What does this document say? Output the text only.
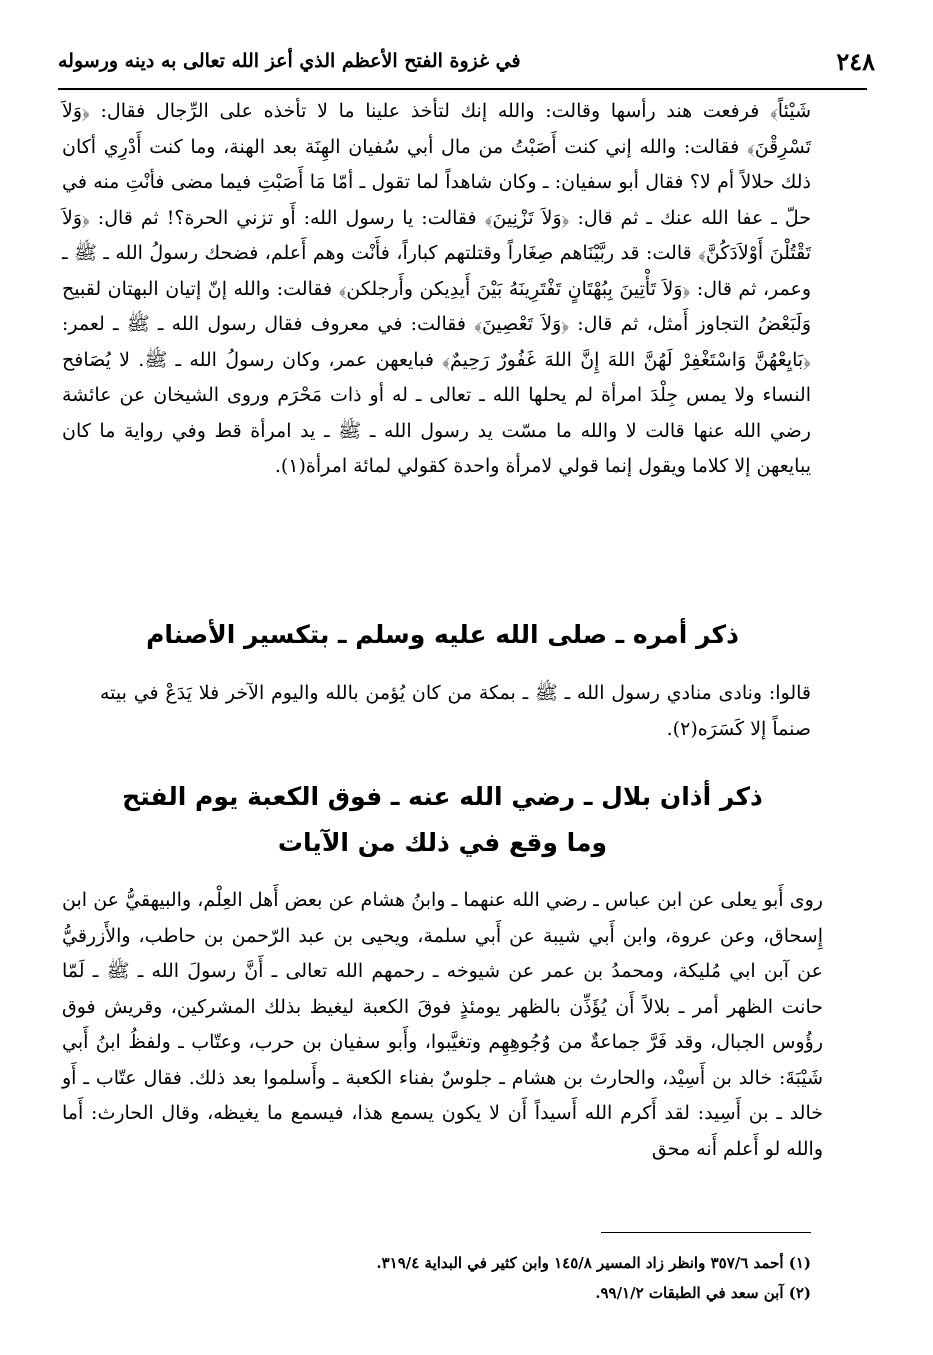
٢٤٨
في غزوة الفتح الأعظم الذي أعز الله تعالى به دينه ورسوله
شَيْئاً﴾ فرفعت هند رأسها وقالت: والله إنك لتأخذ علينا ما لا تأخذه على الرِّجال فقال: ﴿وَلاَ تَسْرِقْنَ﴾ فقالت: والله إني كنت أَصَبْتُ من مال أبي سُفيان الهِنَة بعد الهنة، وما كنت أَدْرِي أكان ذلك حلالاً أم لا؟ فقال أبو سفيان: ـ وكان شاهداً لما تقول ـ أمّا مَا أَصَبْتِ فيما مضى فأنْتِ منه في حلّ ـ عفا الله عنك ـ ثم قال: ﴿وَلاَ تَزْنِينَ﴾ فقالت: يا رسول الله: أَو تزني الحرة؟! ثم قال: ﴿وَلاَ تَقْتُلْنَ أَوْلاَدَكُنَّ﴾ قالت: قد ربَّيْنَاهم صِغَاراً وقتلتهم كباراً، فأَنْت وهم أَعلم، فضحك رسولُ الله ـ ﷺ ـ وعمر، ثم قال: ﴿وَلاَ تَأْتِينَ بِبُهْتَانٍ تَفْتَرِينَهُ بَيْنَ أَيدِيكن وأَرجلكن﴾ فقالت: والله إنّ إتيان البهتان لقبيح وَلَبَعْضُ التجاوز أَمثل، ثم قال: ﴿وَلاَ تَعْصِينَ﴾ فقالت: في معروف فقال رسول الله ـ ﷺ ـ لعمر: ﴿بَايِعْهُنَّ وَاسْتَغْفِرْ لَهُنَّ اللهَ إِنَّ اللهَ غَفُورٌ رَحِيمٌ﴾ فبايعهن عمر، وكان رسولُ الله ـ ﷺ. لا يُصَافح النساء ولا يمس جِلْدَ امرأة لم يحلها الله ـ تعالى ـ له أو ذات مَحْرَم وروى الشيخان عن عائشة رضي الله عنها قالت لا والله ما مسّت يد رسول الله ـ ﷺ ـ يد امرأة قط وفي رواية ما كان يبايعهن إلا كلاما ويقول إنما قولي لامرأة واحدة كقولي لمائة امرأة(١).
ذكر أمره ـ صلى الله عليه وسلم ـ بتكسير الأصنام
قالوا: ونادى منادي رسول الله ـ ﷺ ـ بمكة من كان يُؤمن بالله واليوم الآخر فلا يَدَعْ في بيته صنماً إلا كَسَرَه(٢).
ذكر أذان بلال ـ رضي الله عنه ـ فوق الكعبة يوم الفتح
وما وقع في ذلك من الآيات
روى أَبو يعلى عن ابن عباس ـ رضي الله عنهما ـ وابنُ هشام عن بعض أَهل العِلْم، والبيهقيُّ عن ابن إِسحاق، وعن عروة، وابن أَبي شيبة عن أَبي سلمة، ويحيى بن عبد الرّحمن بن حاطب، والأَزرقيُّ عن آبن ابي مُليكة، ومحمدُ بن عمر عن شيوخه ـ رحمهم الله تعالى ـ أَنَّ رسولَ الله ـ ﷺ ـ لَمّا حانت الظهر أمر ـ بلالاً أَن يُؤَذِّن بالظهر يومئذٍ فوقَ الكعبة ليغيظ بذلك المشركين، وقريش فوق رؤُوس الجبال، وقد فَرَّ جماعةٌ من وُجُوهِهِم وتغيَّبوا، وأَبو سفيان بن حرب، وعتّاب ـ ولفظُ ابنُ أَبي شَيْبَةَ: خالد بن أَسِيْد، والحارث بن هشام ـ جلوسٌ بفناء الكعبة ـ وأَسلموا بعد ذلك. فقال عتّاب ـ أَو خالد ـ بن أَسِيد: لقد أَكرم الله أَسيداً أَن لا يكون يسمع هذا، فيسمع ما يغيظه، وقال الحارث: أَما والله لو أَعلم أَنه محق
(١) أحمد ٣٥٧/٦ وانظر زاد المسير ١٤٥/٨ وابن كثير في البداية ٣١٩/٤.
(٢) آبن سعد في الطبقات ٩٩/١/٢.
